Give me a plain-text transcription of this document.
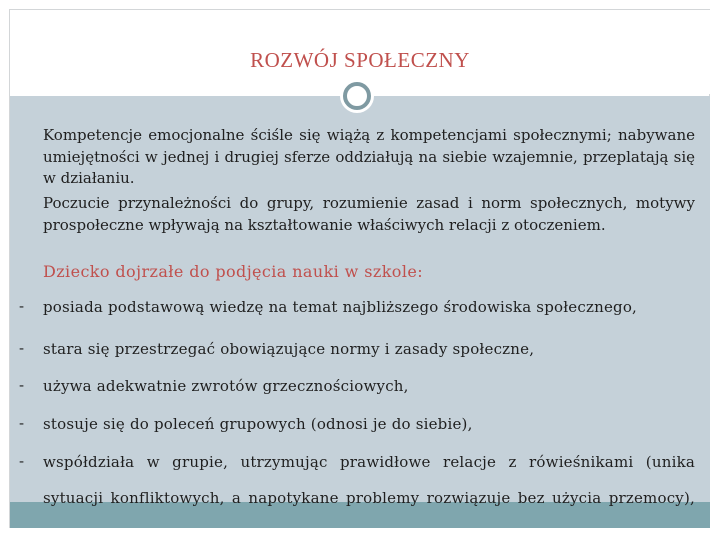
ROZWÓJ SPOŁECZNY

Kompetencje emocjonalne ściśle się wiążą z kompetencjami społecznymi; nabywane umiejętności w jednej i drugiej sferze oddziałują na siebie wzajemnie, przeplatają się w działaniu.

Poczucie przynależności do grupy, rozumienie zasad i norm społecznych, motywy prospołeczne wpływają na kształtowanie właściwych relacji z otoczeniem.

Dziecko dojrzałe do podjęcia nauki w szkole:

- posiada podstawową wiedzę na temat najbliższego środowiska społecznego,
- stara się przestrzegać obowiązujące normy i zasady społeczne,
- używa adekwatnie zwrotów grzecznościowych,
- stosuje się do poleceń grupowych (odnosi je do siebie),
- współdziała w grupie, utrzymując prawidłowe relacje z rówieśnikami (unika sytuacji konfliktowych, a napotykane problemy rozwiązuje bez użycia przemocy),
